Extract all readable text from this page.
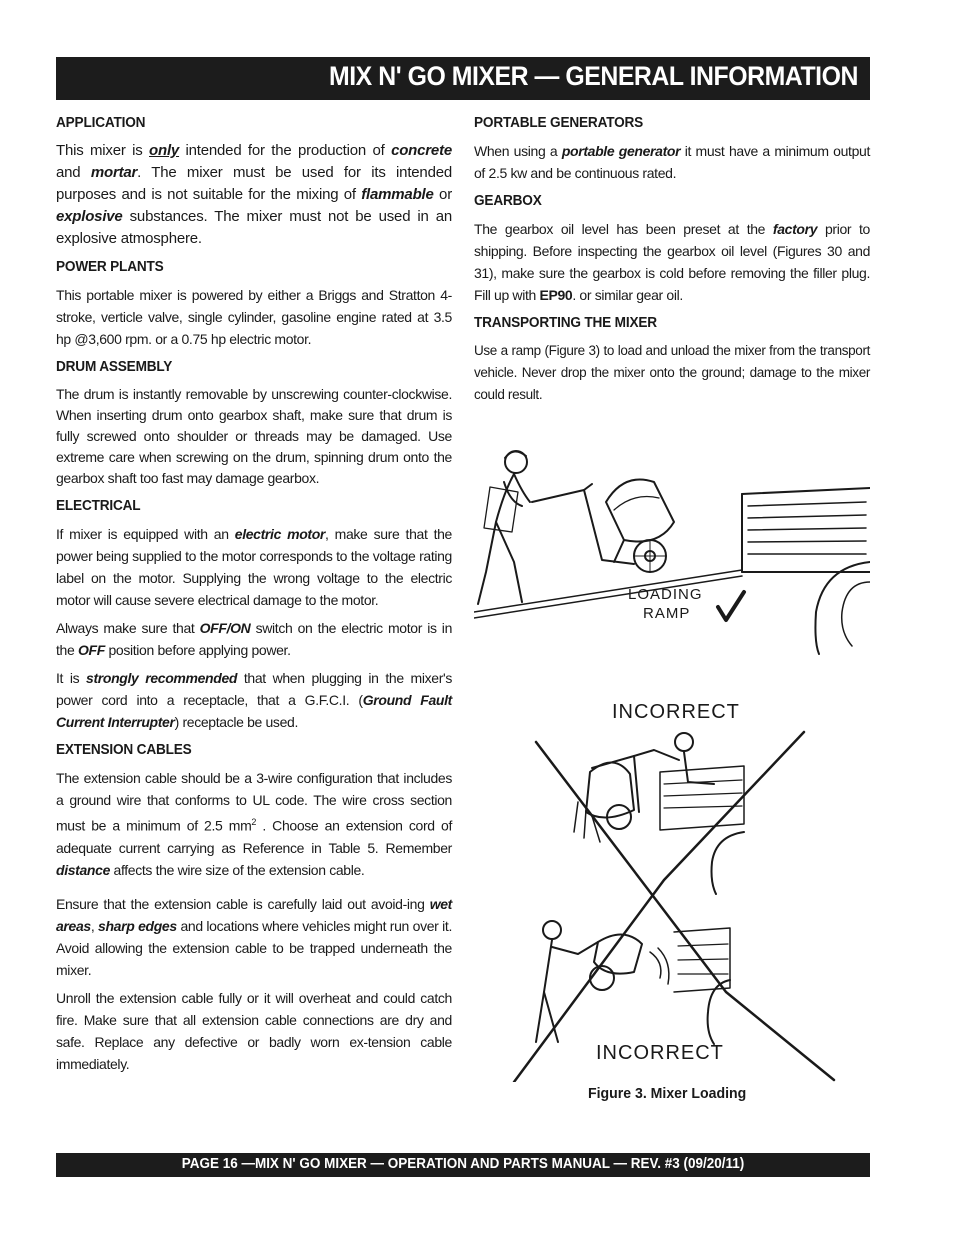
MIX N' GO MIXER — GENERAL INFORMATION
APPLICATION

This mixer is only intended for the production of concrete and mortar. The mixer must be used for its intended purposes and is not suitable for the mixing of flammable or explosive substances. The mixer must not be used in an explosive atmosphere.

POWER PLANTS

This portable mixer is powered by either a Briggs and Stratton 4-stroke, verticle valve, single cylinder, gasoline engine rated at 3.5 hp @3,600 rpm. or a 0.75 hp electric motor.

DRUM ASSEMBLY

The drum is instantly removable by unscrewing counter-clockwise. When inserting drum onto gearbox shaft, make sure that drum is fully screwed onto shoulder or threads may be damaged. Use extreme care when screwing on the drum, spinning drum onto the gearbox shaft too fast may damage gearbox.

ELECTRICAL

If mixer is equipped with an electric motor, make sure that the power being supplied to the motor corresponds to the voltage rating label on the motor. Supplying the wrong voltage to the electric motor will cause severe electrical damage to the motor.

Always make sure that OFF/ON switch on the electric motor is in the OFF position before applying power.

It is strongly recommended that when plugging in the mixer's power cord into a receptacle, that a G.F.C.I. (Ground Fault Current Interrupter) receptacle be used.

EXTENSION CABLES

The extension cable should be a 3-wire configuration that includes a ground wire that conforms to UL code. The wire cross section must be a minimum of 2.5 $mm^2$ . Choose an extension cord of adequate current carrying as Reference in Table 5. Remember distance affects the wire size of the extension cable.

Ensure that the extension cable is carefully laid out avoid-ing wet areas, sharp edges and locations where vehicles might run over it. Avoid allowing the extension cable to be trapped underneath the mixer.

Unroll the extension cable fully or it will overheat and could catch fire. Make sure that all extension cable connections are dry and safe. Replace any defective or badly worn ex-tension cable immediately.

PORTABLE GENERATORS

When using a portable generator it must have a minimum output of 2.5 kw and be continuous rated.

GEARBOX

The gearbox oil level has been preset at the factory prior to shipping. Before inspecting the gearbox oil level (Figures 30 and 31), make sure the gearbox is cold before removing the filler plug. Fill up with EP90. or similar gear oil.

TRANSPORTING THE MIXER

Use a ramp (Figure 3) to load and unload the mixer from the transport vehicle. Never drop the mixer onto the ground; damage to the mixer could result.

LOADING
RAMP
INCORRECT
INCORRECT
Figure 3. Mixer Loading
PAGE 16 —MIX N' GO MIXER — OPERATION AND PARTS MANUAL — REV. #3 (09/20/11)
